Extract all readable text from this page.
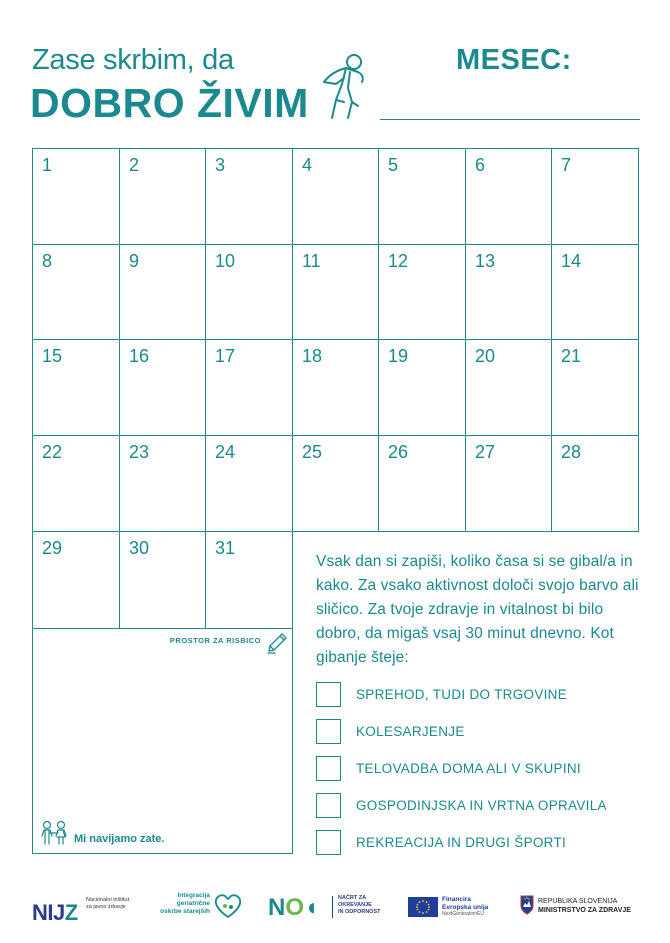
Zase skrbim, da
DOBRO ŽIVIM
MESEC:
1	2	3	4	5	6	7
8	9	10	11	12	13	14
15	16	17	18	19	20	21
22	23	24	25	26	27	28
29	30	31
Vsak dan si zapiši, koliko časa si se gibal/a in kako. Za vsako aktivnost določi svojo barvo ali sličico. Za tvoje zdravje in vitalnost bi bilo dobro, da migaš vsaj 30 minut dnevno. Kot gibanje šteje:
SPREHOD, TUDI DO TRGOVINE
KOLESARJENJE
TELOVADBA DOMA ALI V SKUPINI
GOSPODINJSKA IN VRTNA OPRAVILA
REKREACIJA IN DRUGI ŠPORTI
PROSTOR ZA RISBICO
Mi navijamo zate.
NIJZ Nacionalni inštitut
za javno zdravje
Integracija
geriatrične
oskrbe starejših NO◖	NAČRT ZA
OKREVANJE
IN ODPORNOST
Financira
Evropska unija
NextGenerationEU
REPUBLIKA SLOVENIJA
MINISTRSTVO ZA ZDRAVJE
